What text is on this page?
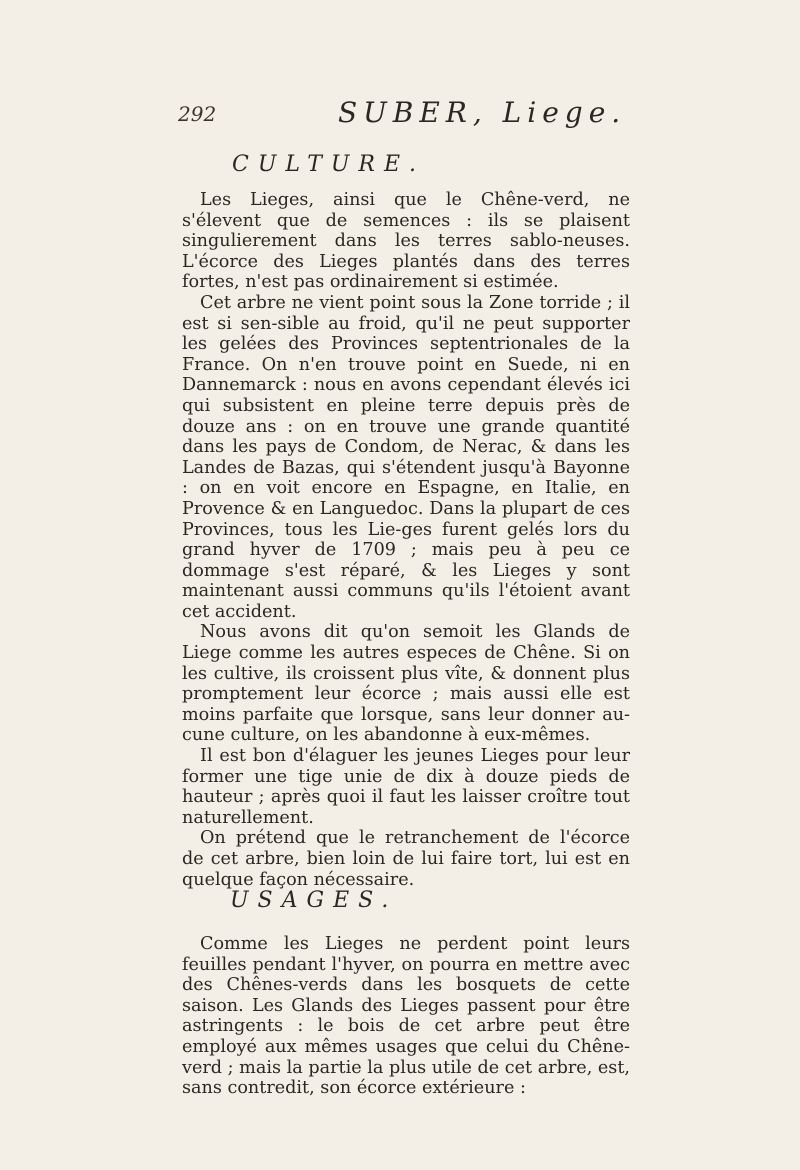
292	SUBER, Liege.
CULTURE.

Les Lieges, ainsi que le Chêne-verd, ne s'élevent que de semences : ils se plaisent singulierement dans les terres sablo-neuses. L'écorce des Lieges plantés dans des terres fortes, n'est pas ordinairement si estimée.

Cet arbre ne vient point sous la Zone torride ; il est si sen-sible au froid, qu'il ne peut supporter les gelées des Provinces septentrionales de la France. On n'en trouve point en Suede, ni en Dannemarck : nous en avons cependant élevés ici qui subsistent en pleine terre depuis près de douze ans : on en trouve une grande quantité dans les pays de Condom, de Nerac, & dans les Landes de Bazas, qui s'étendent jusqu'à Bayonne : on en voit encore en Espagne, en Italie, en Provence & en Languedoc. Dans la plupart de ces Provinces, tous les Lie-ges furent gelés lors du grand hyver de 1709 ; mais peu à peu ce dommage s'est réparé, & les Lieges y sont maintenant aussi communs qu'ils l'étoient avant cet accident.

Nous avons dit qu'on semoit les Glands de Liege comme les autres especes de Chêne. Si on les cultive, ils croissent plus vîte, & donnent plus promptement leur écorce ; mais aussi elle est moins parfaite que lorsque, sans leur donner au-cune culture, on les abandonne à eux-mêmes.

Il est bon d'élaguer les jeunes Lieges pour leur former une tige unie de dix à douze pieds de hauteur ; après quoi il faut les laisser croître tout naturellement.

On prétend que le retranchement de l'écorce de cet arbre, bien loin de lui faire tort, lui est en quelque façon nécessaire.

USAGES.

Comme les Lieges ne perdent point leurs feuilles pendant l'hyver, on pourra en mettre avec des Chênes-verds dans les bosquets de cette saison. Les Glands des Lieges passent pour être astringents : le bois de cet arbre peut être employé aux mêmes usages que celui du Chêne-verd ; mais la partie la plus utile de cet arbre, est, sans contredit, son écorce extérieure :
